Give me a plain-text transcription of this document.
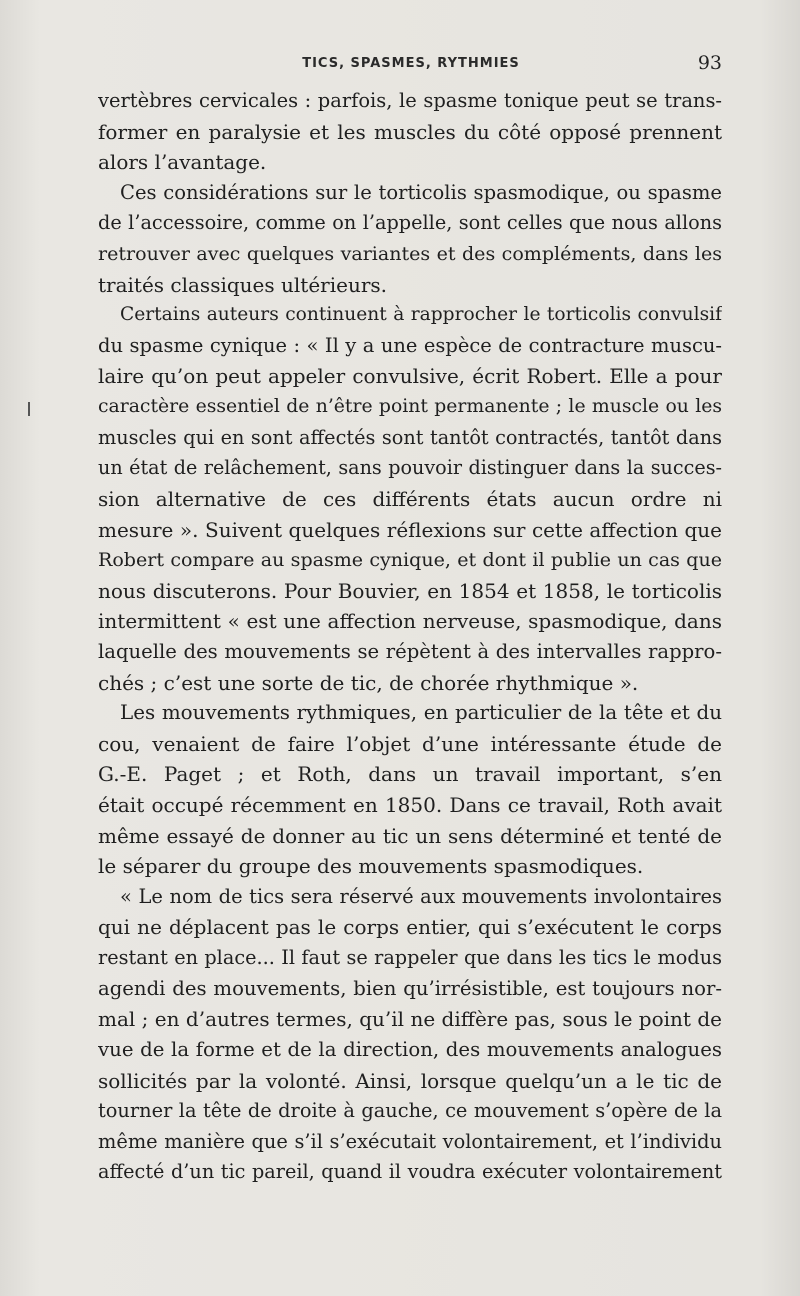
TICS, SPASMES, RYTHMIES	93
vertèbres cervicales : parfois, le spasme tonique peut se trans-
former en paralysie et les muscles du côté opposé prennent
alors l’avantage.
Ces considérations sur le torticolis spasmodique, ou spasme
de l’accessoire, comme on l’appelle, sont celles que nous allons
retrouver avec quelques variantes et des compléments, dans les
traités classiques ultérieurs.
Certains auteurs continuent à rapprocher le torticolis convulsif
du spasme cynique : « Il y a une espèce de contracture muscu-
laire qu’on peut appeler convulsive, écrit Robert. Elle a pour
caractère essentiel de n’être point permanente ; le muscle ou les
muscles qui en sont affectés sont tantôt contractés, tantôt dans
un état de relâchement, sans pouvoir distinguer dans la succes-
sion alternative de ces différents états aucun ordre ni
mesure ». Suivent quelques réflexions sur cette affection que
Robert compare au spasme cynique, et dont il publie un cas que
nous discuterons. Pour Bouvier, en 1854 et 1858, le torticolis
intermittent « est une affection nerveuse, spasmodique, dans
laquelle des mouvements se répètent à des intervalles rappro-
chés ; c’est une sorte de tic, de chorée rhythmique ».
Les mouvements rythmiques, en particulier de la tête et du
cou, venaient de faire l’objet d’une intéressante étude de
G.-E. Paget ; et Roth, dans un travail important, s’en
était occupé récemment en 1850. Dans ce travail, Roth avait
même essayé de donner au tic un sens déterminé et tenté de
le séparer du groupe des mouvements spasmodiques.
« Le nom de tics sera réservé aux mouvements involontaires
qui ne déplacent pas le corps entier, qui s’exécutent le corps
restant en place... Il faut se rappeler que dans les tics le modus
agendi des mouvements, bien qu’irrésistible, est toujours nor-
mal ; en d’autres termes, qu’il ne diffère pas, sous le point de
vue de la forme et de la direction, des mouvements analogues
sollicités par la volonté. Ainsi, lorsque quelqu’un a le tic de
tourner la tête de droite à gauche, ce mouvement s’opère de la
même manière que s’il s’exécutait volontairement, et l’individu
affecté d’un tic pareil, quand il voudra exécuter volontairement
